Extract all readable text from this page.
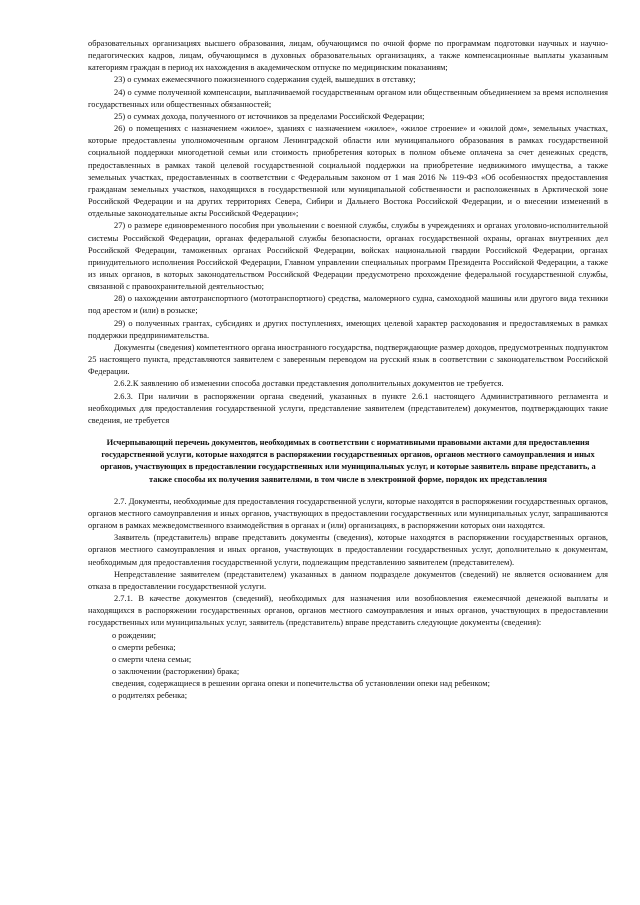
образовательных организациях высшего образования, лицам, обучающимся по очной форме по программам подготовки научных и научно-педагогических кадров, лицам, обучающимся в духовных образовательных организациях, а также компенсационные выплаты указанным категориям граждан в период их нахождения в академическом отпуске по медицинским показаниям;

23) о суммах ежемесячного пожизненного содержания судей, вышедших в отставку;

24) о сумме полученной компенсации, выплачиваемой государственным органом или общественным объединением за время исполнения государственных или общественных обязанностей;

25) о суммах дохода, полученного от источников за пределами Российской Федерации;

26) о помещениях с назначением «жилое», зданиях с назначением «жилое», «жилое строение» и «жилой дом», земельных участках, которые предоставлены уполномоченным органом Ленинградской области или муниципального образования в рамках государственной социальной поддержки многодетной семьи или стоимость приобретения которых в полном объеме оплачена за счет денежных средств, предоставленных в рамках такой целевой государственной социальной поддержки на приобретение недвижимого имущества, а также земельных участках, предоставленных в соответствии с Федеральным законом от 1 мая 2016 № 119-ФЗ «Об особенностях предоставления гражданам земельных участков, находящихся в государственной или муниципальной собственности и расположенных в Арктической зоне Российской Федерации и на других территориях Севера, Сибири и Дальнего Востока Российской Федерации, и о внесении изменений в отдельные законодательные акты Российской Федерации»;

27) о размере единовременного пособия при увольнении с военной службы, службы в учреждениях и органах уголовно-исполнительной системы Российской Федерации, органах федеральной службы безопасности, органах государственной охраны, органах внутренних дел Российской Федерации, таможенных органах Российской Федерации, войсках национальной гвардии Российской Федерации, органах принудительного исполнения Российской Федерации, Главном управлении специальных программ Президента Российской Федерации, а также из иных органов, в которых законодательством Российской Федерации предусмотрено прохождение федеральной государственной службы, связанной с правоохранительной деятельностью;

28) о нахождении автотранспортного (мототранспортного) средства, маломерного судна, самоходной машины или другого вида техники под арестом и (или) в розыске;

29) о полученных грантах, субсидиях и других поступлениях, имеющих целевой характер расходования и предоставляемых в рамках поддержки предпринимательства.

Документы (сведения) компетентного органа иностранного государства, подтверждающие размер доходов, предусмотренных подпунктом 25 настоящего пункта, представляются заявителем с заверенным переводом на русский язык в соответствии с законодательством Российской Федерации.

2.6.2.К заявлению об изменении способа доставки представления дополнительных документов не требуется.

2.6.3. При наличии в распоряжении органа сведений, указанных в пункте 2.6.1 настоящего Административного регламента и необходимых для предоставления государственной услуги, представление заявителем (представителем) документов, подтверждающих такие сведения, не требуется

Исчерпывающий перечень документов, необходимых в соответствии с нормативными правовыми актами для предоставления государственной услуги, которые находятся в распоряжении государственных органов, органов местного самоуправления и иных органов, участвующих в предоставлении государственных или муниципальных услуг, и которые заявитель вправе представить, а также способы их получения заявителями, в том числе в электронной форме, порядок их представления

2.7. Документы, необходимые для предоставления государственной услуги, которые находятся в распоряжении государственных органов, органов местного самоуправления и иных органов, участвующих в предоставлении государственных или муниципальных услуг, запрашиваются органом в рамках межведомственного взаимодействия в органах и (или) организациях, в распоряжении которых они находятся.

Заявитель (представитель) вправе представить документы (сведения), которые находятся в распоряжении государственных органов, органов местного самоуправления и иных органов, участвующих в предоставлении государственных услуг, дополнительно к документам, необходимым для предоставления государственной услуги, подлежащим представлению заявителем (представителем).

Непредставление заявителем (представителем) указанных в данном подразделе документов (сведений) не является основанием для отказа в предоставлении государственной услуги.

2.7.1. В качестве документов (сведений), необходимых для назначения или возобновления ежемесячной денежной выплаты и находящихся в распоряжении государственных органов, органов местного самоуправления и иных органов, участвующих в предоставлении государственных или муниципальных услуг, заявитель (представитель) вправе представить следующие документы (сведения):

о рождении;

о смерти ребенка;

о смерти члена семьи;

о заключении (расторжении) брака;

сведения, содержащиеся в решении органа опеки и попечительства об установлении опеки над ребенком;

о родителях ребенка;
